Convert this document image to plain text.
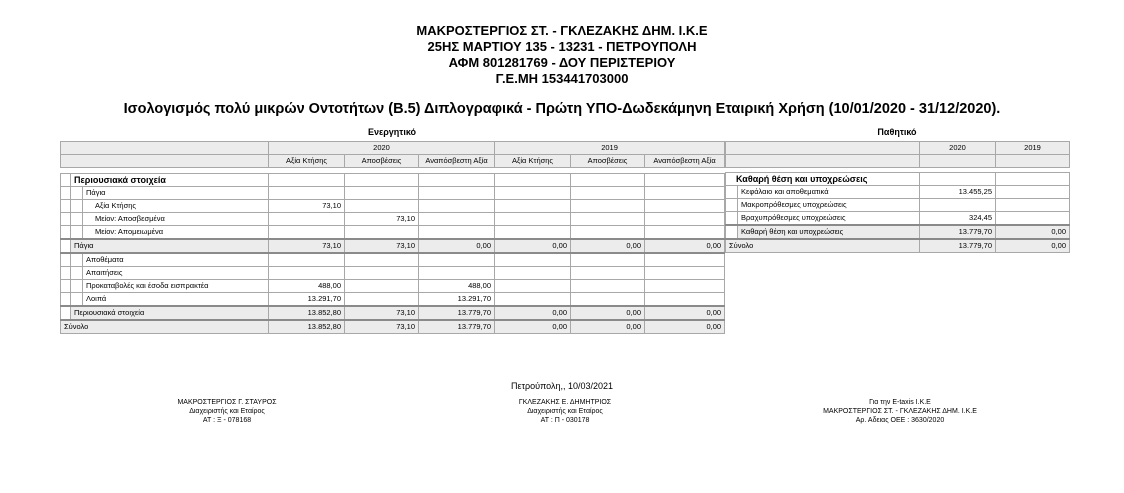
ΜΑΚΡΟΣΤΕΡΓΙΟΣ ΣΤ. - ΓΚΛΕΖΑΚΗΣ ΔΗΜ. Ι.Κ.Ε
25ΗΣ ΜΑΡΤΙΟΥ 135 - 13231 - ΠΕΤΡΟΥΠΟΛΗ
ΑΦΜ 801281769 - ΔΟΥ ΠΕΡΙΣΤΕΡΙΟΥ
Γ.Ε.ΜΗ 153441703000
Ισολογισμός πολύ μικρών Οντοτήτων (Β.5) Διπλογραφικά - Πρώτη ΥΠΟ-Δωδεκάμηνη Εταιρική Χρήση (10/01/2020 - 31/12/2020).
Ενεργητικό	Παθητικό
			2020			2019		
			Αξία Κτήσης	Αποσβέσεις	Αναπόσβεστη Αξία	Αξία Κτήσης	Αποσβέσεις	Αναπόσβεστη Αξία

	Περιουσιακά στοιχεία							
		Πάγια						
		Αξία Κτήσης	73,10					
		Μείον: Αποσβεσμένα		73,10				
		Μείον: Απομειωμένα						
	Πάγια		73,10	73,10	0,00	0,00	0,00	0,00
		Αποθέματα						
		Απαιτήσεις						
		Προκαταβολές και έσοδα εισπρακτέα	488,00		488,00			
		Λοιπά	13.291,70		13.291,70			
	Περιουσιακά στοιχεία		13.852,80	73,10	13.779,70	0,00	0,00	0,00
Σύνολο			13.852,80	73,10	13.779,70	0,00	0,00	0,00
		2020	2019

Καθαρή θέση και υποχρεώσεις			
	Κεφάλαιο και αποθεματικά	13.455,25	
	Μακροπρόθεσμες υποχρεώσεις		
	Βραχυπρόθεσμες υποχρεώσεις	324,45	
	Καθαρή θέση και υποχρεώσεις	13.779,70	0,00
Σύνολο		13.779,70	0,00
Πετρούπολη,, 10/03/2021
ΜΑΚΡΟΣΤΕΡΓΙΟΣ Γ. ΣΤΑΥΡΟΣ
Διαχειριστής και Εταίρος
ΑΤ : Ξ - 078168
ΓΚΛΕΖΑΚΗΣ Ε. ΔΗΜΗΤΡΙΟΣ
Διαχειριστής και Εταίρος
ΑΤ : Π - 030178
Για την E-taxis Ι.Κ.Ε
ΜΑΚΡΟΣΤΕΡΓΙΟΣ ΣΤ. - ΓΚΛΕΖΑΚΗΣ ΔΗΜ. Ι.Κ.Ε
Αρ. Αδειας ΟΕΕ : 3630/2020
